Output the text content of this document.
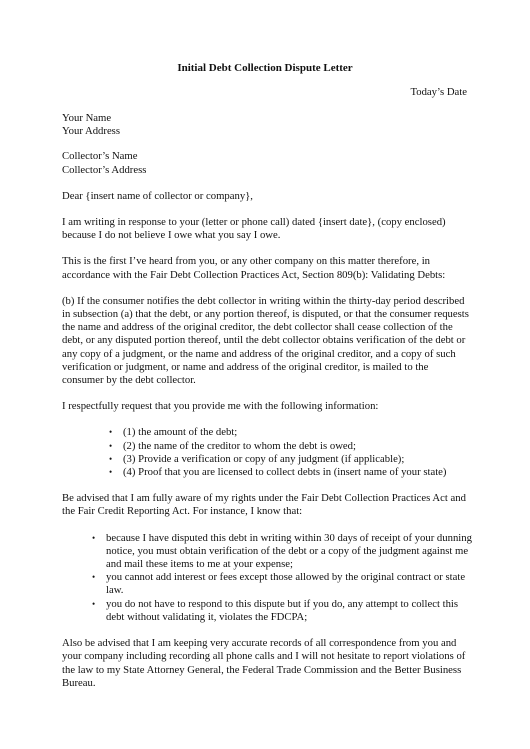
Initial Debt Collection Dispute Letter
Today’s Date
Your Name
Your Address
Collector’s Name
Collector’s Address

Dear {insert name of collector or company},

I am writing in response to your (letter or phone call) dated {insert date}, (copy enclosed) because I do not believe I owe what you say I owe.

This is the first I’ve heard from you, or any other company on this matter therefore, in accordance with the Fair Debt Collection Practices Act, Section 809(b): Validating Debts:

(b) If the consumer notifies the debt collector in writing within the thirty-day period described in subsection (a) that the debt, or any portion thereof, is disputed, or that the consumer requests the name and address of the original creditor, the debt collector shall cease collection of the debt, or any disputed portion thereof, until the debt collector obtains verification of the debt or any copy of a judgment, or the name and address of the original creditor, and a copy of such verification or judgment, or name and address of the original creditor, is mailed to the consumer by the debt collector.

I respectfully request that you provide me with the following information:

• (1) the amount of the debt;
• (2) the name of the creditor to whom the debt is owed;
• (3) Provide a verification or copy of any judgment (if applicable);
• (4) Proof that you are licensed to collect debts in (insert name of your state)

Be advised that I am fully aware of my rights under the Fair Debt Collection Practices Act and the Fair Credit Reporting Act. For instance, I know that:

• because I have disputed this debt in writing within 30 days of receipt of your dunning notice, you must obtain verification of the debt or a copy of the judgment against me and mail these items to me at your expense;
• you cannot add interest or fees except those allowed by the original contract or state law.
• you do not have to respond to this dispute but if you do, any attempt to collect this debt without validating it, violates the FDCPA;

Also be advised that I am keeping very accurate records of all correspondence from you and your company including recording all phone calls and I will not hesitate to report violations of the law to my State Attorney General, the Federal Trade Commission and the Better Business Bureau.
